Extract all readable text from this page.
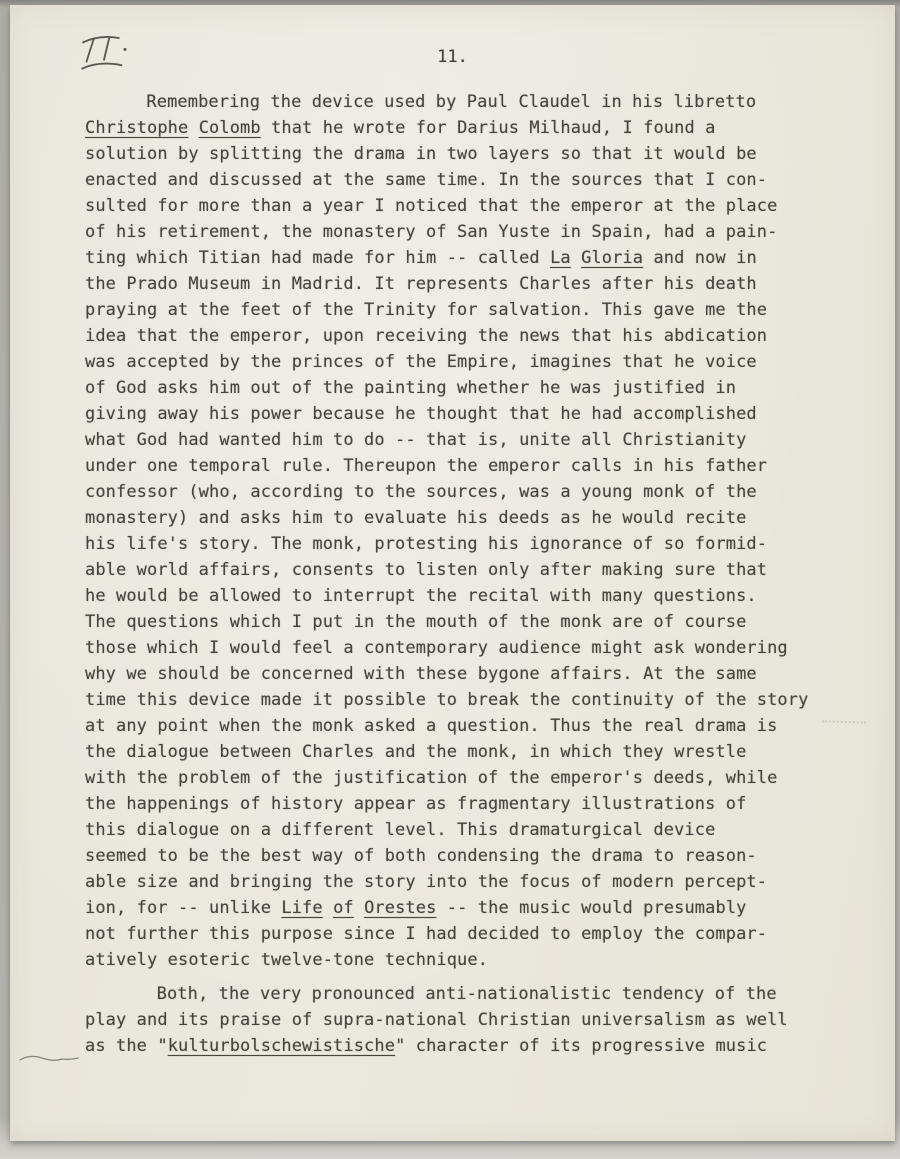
11.
Remembering the device used by Paul Claudel in his libretto
Christophe Colomb that he wrote for Darius Milhaud, I found a
solution by splitting the drama in two layers so that it would be
enacted and discussed at the same time. In the sources that I con-
sulted for more than a year I noticed that the emperor at the place
of his retirement, the monastery of San Yuste in Spain, had a pain-
ting which Titian had made for him -- called La Gloria and now in
the Prado Museum in Madrid. It represents Charles after his death
praying at the feet of the Trinity for salvation. This gave me the
idea that the emperor, upon receiving the news that his abdication
was accepted by the princes of the Empire, imagines that he voice
of God asks him out of the painting whether he was justified in
giving away his power because he thought that he had accomplished
what God had wanted him to do -- that is, unite all Christianity
under one temporal rule. Thereupon the emperor calls in his father
confessor (who, according to the sources, was a young monk of the
monastery) and asks him to evaluate his deeds as he would recite
his life's story. The monk, protesting his ignorance of so formid-
able world affairs, consents to listen only after making sure that
he would be allowed to interrupt the recital with many questions.
The questions which I put in the mouth of the monk are of course
those which I would feel a contemporary audience might ask wondering
why we should be concerned with these bygone affairs. At the same
time this device made it possible to break the continuity of the story
at any point when the monk asked a question. Thus the real drama is
the dialogue between Charles and the monk, in which they wrestle
with the problem of the justification of the emperor's deeds, while
the happenings of history appear as fragmentary illustrations of
this dialogue on a different level. This dramaturgical device
seemed to be the best way of both condensing the drama to reason-
able size and bringing the story into the focus of modern percept-
ion, for -- unlike Life of Orestes -- the music would presumably
not further this purpose since I had decided to employ the compar-
atively esoteric twelve-tone technique.
Both, the very pronounced anti-nationalistic tendency of the
play and its praise of supra-national Christian universalism as well
as the "kulturbolschewistische" character of its progressive music
